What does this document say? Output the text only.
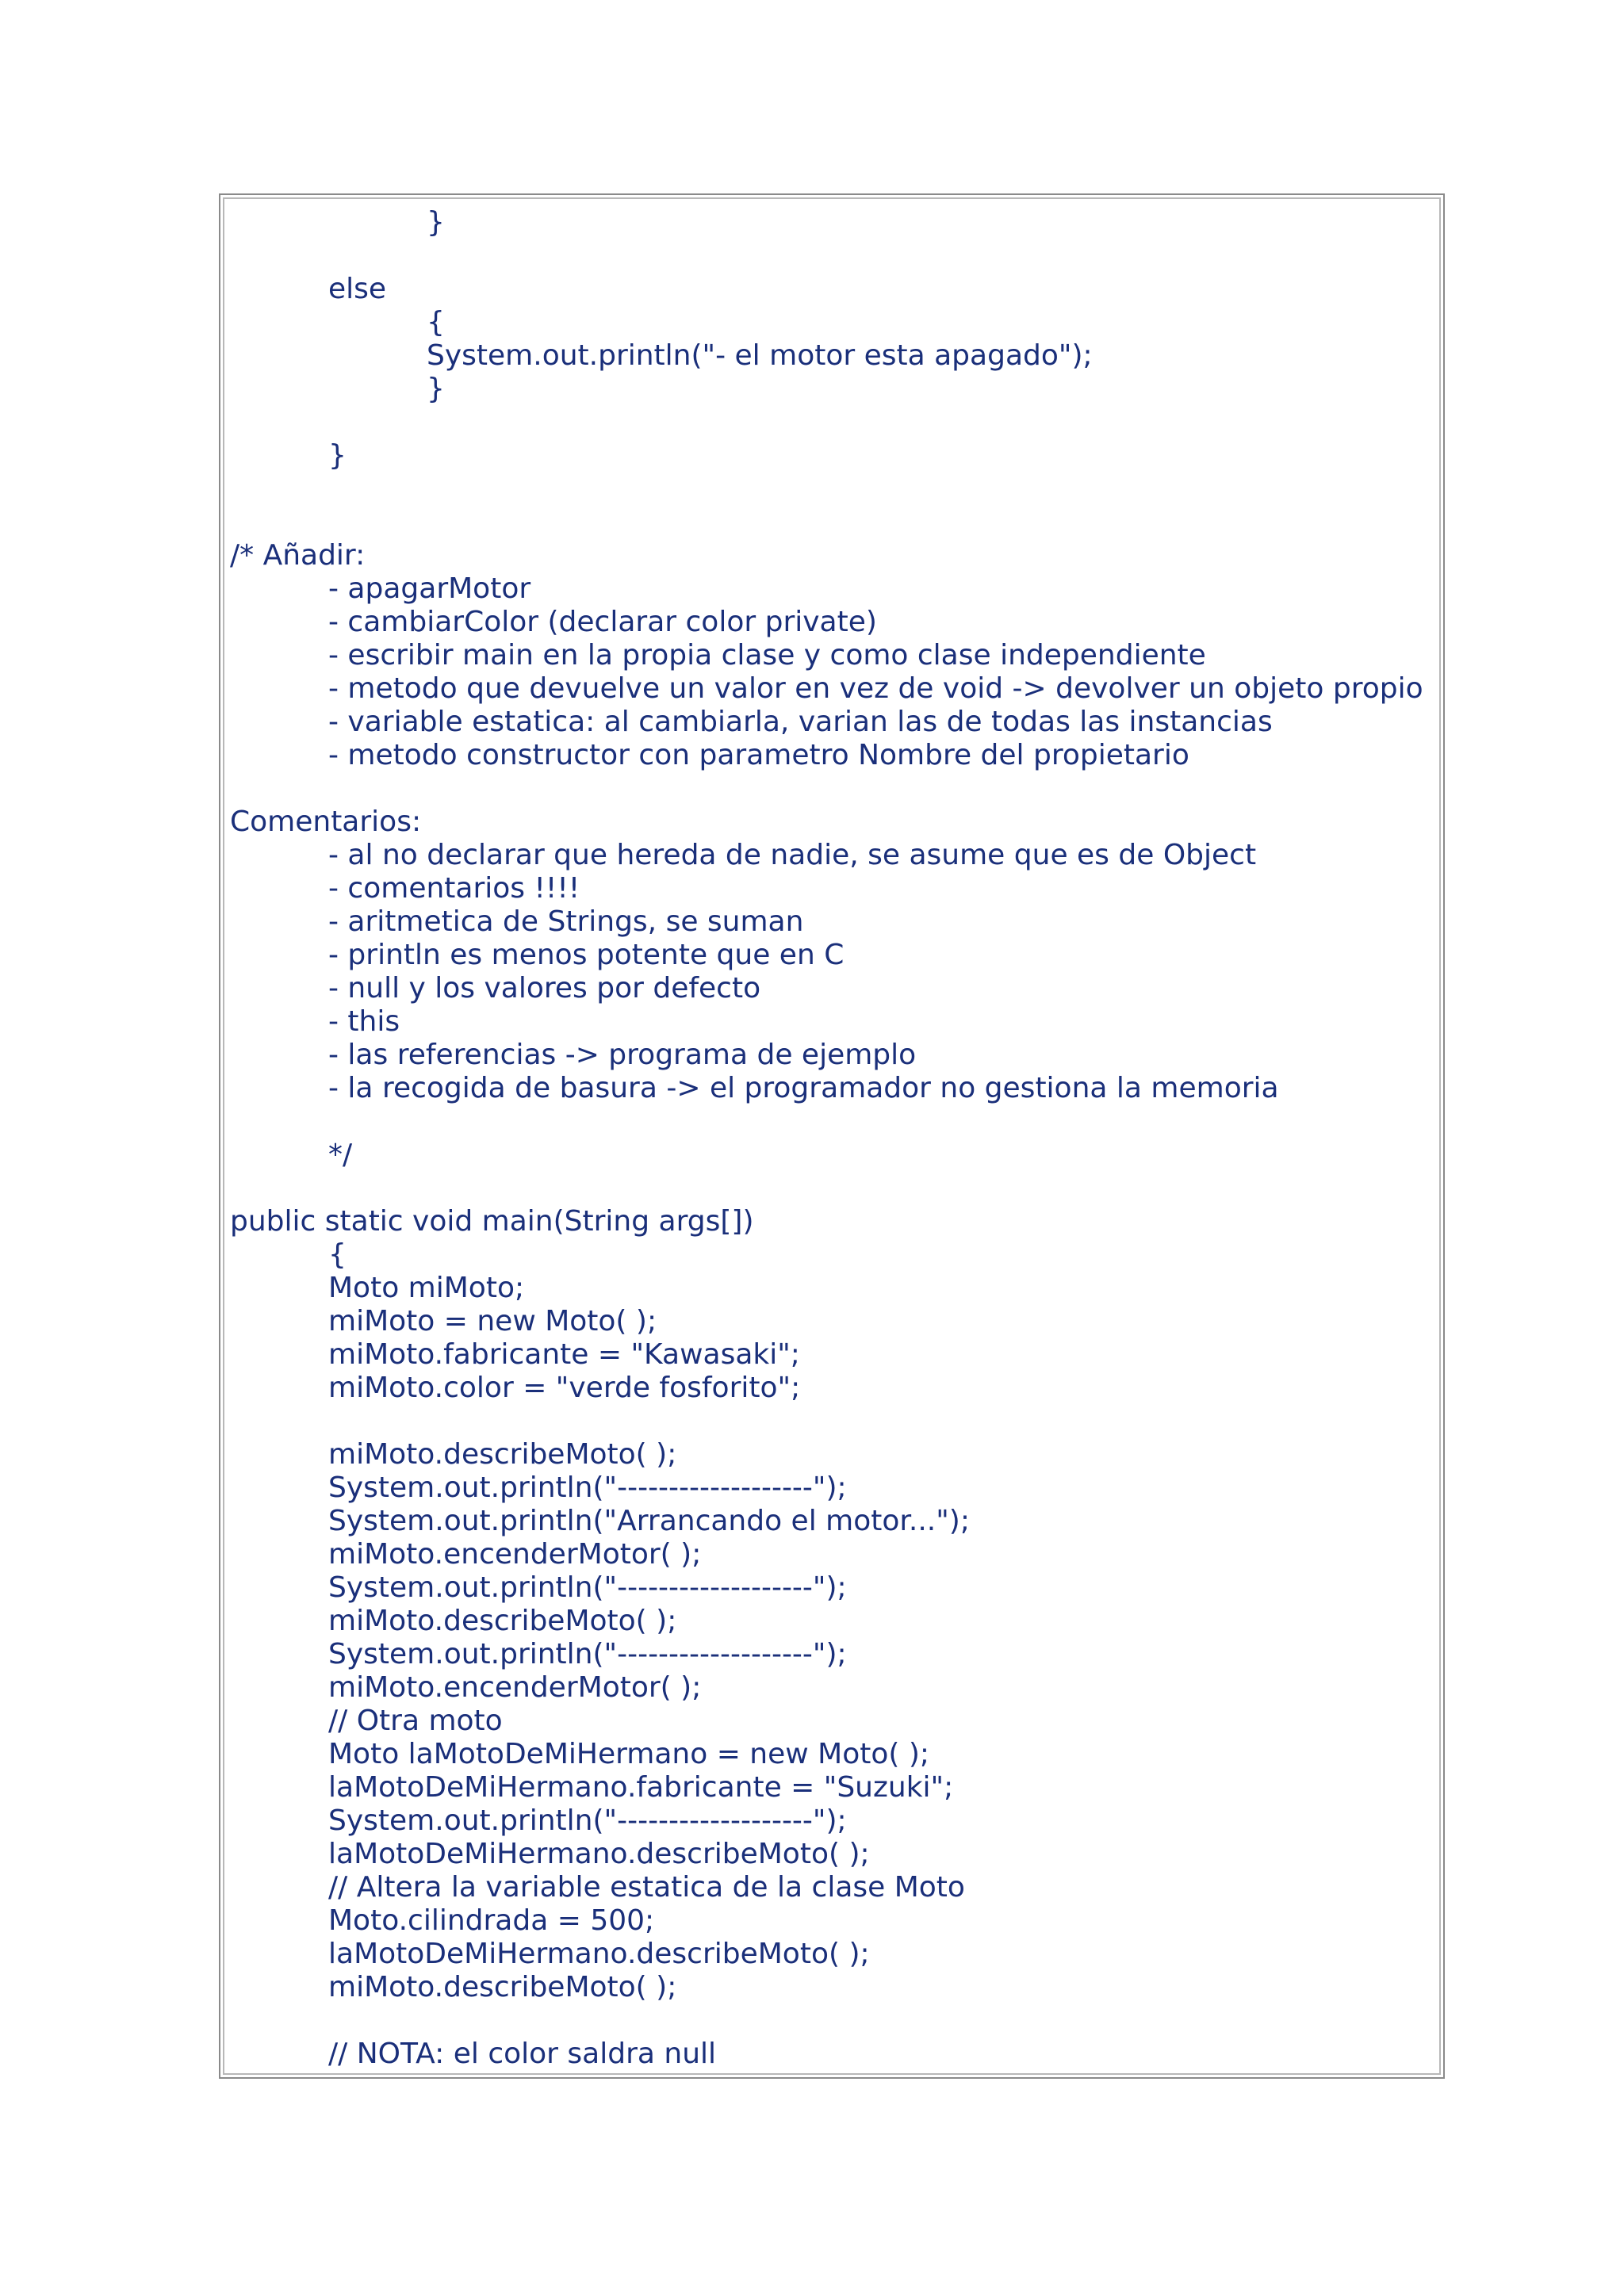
}
else
{
System.out.println("- el motor esta apagado");
}
}
/* Añadir:
- apagarMotor
- cambiarColor (declarar color private)
- escribir main en la propia clase y como clase independiente
- metodo que devuelve un valor en vez de void -> devolver un objeto propio
- variable estatica: al cambiarla, varian las de todas las instancias
- metodo constructor con parametro Nombre del propietario
Comentarios:
- al no declarar que hereda de nadie, se asume que es de Object
- comentarios !!!!
- aritmetica de Strings, se suman
- println es menos potente que en C
- null y los valores por defecto
- this
- las referencias -> programa de ejemplo
- la recogida de basura -> el programador no gestiona la memoria
*/
public static void main(String args[])
{
Moto miMoto;
miMoto = new Moto( );
miMoto.fabricante = "Kawasaki";
miMoto.color = "verde fosforito";
miMoto.describeMoto( );
System.out.println("-------------------");
System.out.println("Arrancando el motor...");
miMoto.encenderMotor( );
System.out.println("-------------------");
miMoto.describeMoto( );
System.out.println("-------------------");
miMoto.encenderMotor( );
// Otra moto
Moto laMotoDeMiHermano = new Moto( );
laMotoDeMiHermano.fabricante = "Suzuki";
System.out.println("-------------------");
laMotoDeMiHermano.describeMoto( );
// Altera la variable estatica de la clase Moto
Moto.cilindrada = 500;
laMotoDeMiHermano.describeMoto( );
miMoto.describeMoto( );
// NOTA: el color saldra null
